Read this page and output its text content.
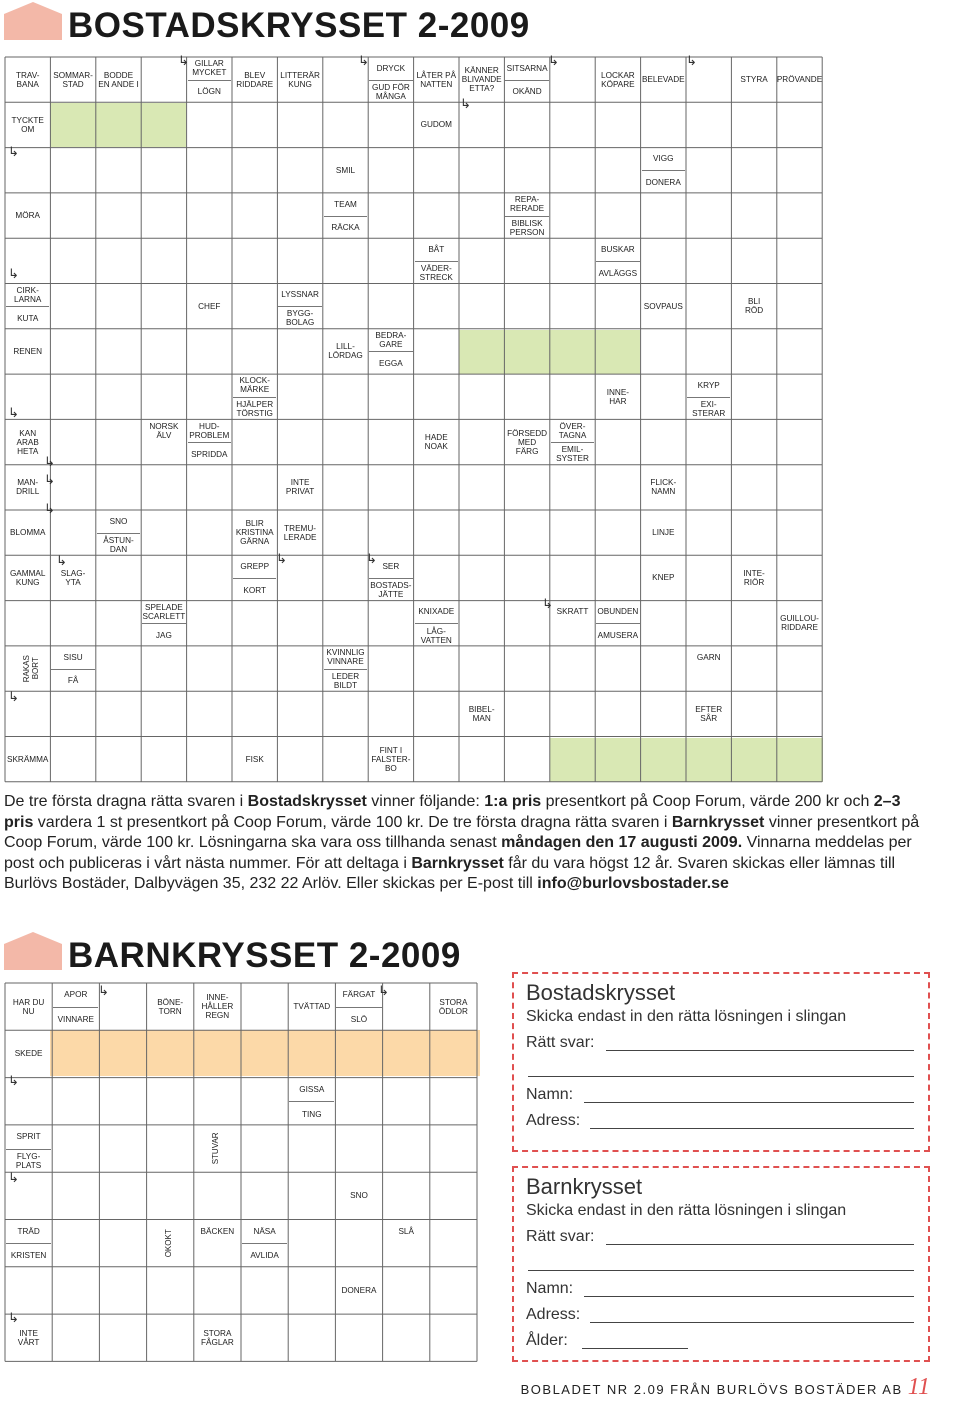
BOSTADSKRYSSET 2-2009
BARNKRYSSET 2-2009
TRAV-
BANA
SOMMAR-
STAD
BODDE
EN ANDE I
GILLAR
MYCKET
LÖGN
BLEV
RIDDARE
LITTERÄR
KUNG
DRYCK
GUD FÖR
MÅNGA
LÅTER PÅ
NATTEN
KÄNNER
BLIVANDE
ETTA?
SITSARNA
OKÄND
LOCKAR
KÖPARE BELEVADE	STYRA	PRÖVANDE
TYCKTE
OM	GUDOM
SMIL
VIGG
DONERA
MÖRA
TEAM
RÄCKA
REPA-
RERADE
BIBLISK
PERSON
BÅT
VÄDER-
STRECK
BUSKAR
AVLÄGGS
CIRK-
LARNA
KUTA
CHEF
LYSSNAR
BYGG-
BOLAG
SOVPAUS	BLI
RÖD
RENEN	LILL-
LÖRDAG
BEDRA-
GARE
EGGA
KLOCK-
MÄRKE
HJÄLPER
TÖRSTIG
INNE-
HAR
KRYP
EXI-
STERAR
KAN
ARAB
HETA
NORSK ÄLV
HUD-
PROBLEM
SPRIDDA
HADE
NOAK
FÖRSEDD
MED
FÄRG
ÖVER-
TAGNA
EMIL-
SYSTER
MAN-
DRILL
INTE
PRIVAT
FLICK-
NAMN
BLOMMA
SNO
ÅSTUN-
DAN
BLIR
KRISTINA
GÄRNA
TREMU-
LERADE	LINJE
GAMMAL
KUNG
SLAG-
YTA
GREPP
KORT
SER
BOSTADS-
JÄTTE
KNEP	INTE-
RIÖR
SPELADE
SCARLETT
JAG
KNIXADE
LÅG-
VATTEN
SKRATT	OBUNDEN
AMUSERA
GUILLOU-
RIDDARE
RAKAS BORT
SISU
FÅ
KVINNLIG
VINNARE
LEDER
BILDT
GARN
BIBEL-
MAN
EFTER SÅR
SKRÄMMA	FISK
FINT I
FALSTER-
BO
HAR DU
NU
APOR
VINNARE
BÖNE-
TORN
INNE-
HÅLLER
REGN
TVÄTTAD
FÄRGAT
SLÖ
STORA
ÖDLOR
SKEDE
GISSA
TING
SPRIT
FLYG-
PLATS
STUVAR
SNO
TRÄD
KRISTEN	OKOKT	BÄCKEN	NÄSA
AVLIDA
SLÅ
DONERA
INTE
VÅRT
STORA
FÅGLAR
De tre första dragna rätta svaren i Bostadskrysset vinner följande: 1:a pris presentkort på Coop Forum, värde 200 kr och 2–3 pris vardera 1 st presentkort på Coop Forum, värde 100 kr. De tre första dragna rätta svaren i Barnkrysset vinner presentkort på Coop Forum, värde 100 kr. Lösningarna ska vara oss tillhanda senast måndagen den 17 augusti 2009. Vinnarna meddelas per post och publiceras i vårt nästa nummer. För att deltaga i Barnkrysset får du vara högst 12 år. Svaren skickas eller lämnas till Burlövs Bostäder, Dalbyvägen 35, 232 22 Arlöv. Eller skickas per E-post till info@burlovsbostader.se
Bostadskrysset
Skicka endast in den rätta lösningen i slingan
Rätt svar:
Namn:
Adress:
Barnkrysset
Skicka endast in den rätta lösningen i slingan
Rätt svar:
Namn:
Adress:
Ålder:
BOBLADET NR 2.09 FRÅN BURLÖVS BOSTÄDER AB 11
↳
↳
↳
↳
↳
↳
↳
↳
↳	↳
↳
↳	↳
↳	↳
↳
↳
↳	↳
↳
↳
